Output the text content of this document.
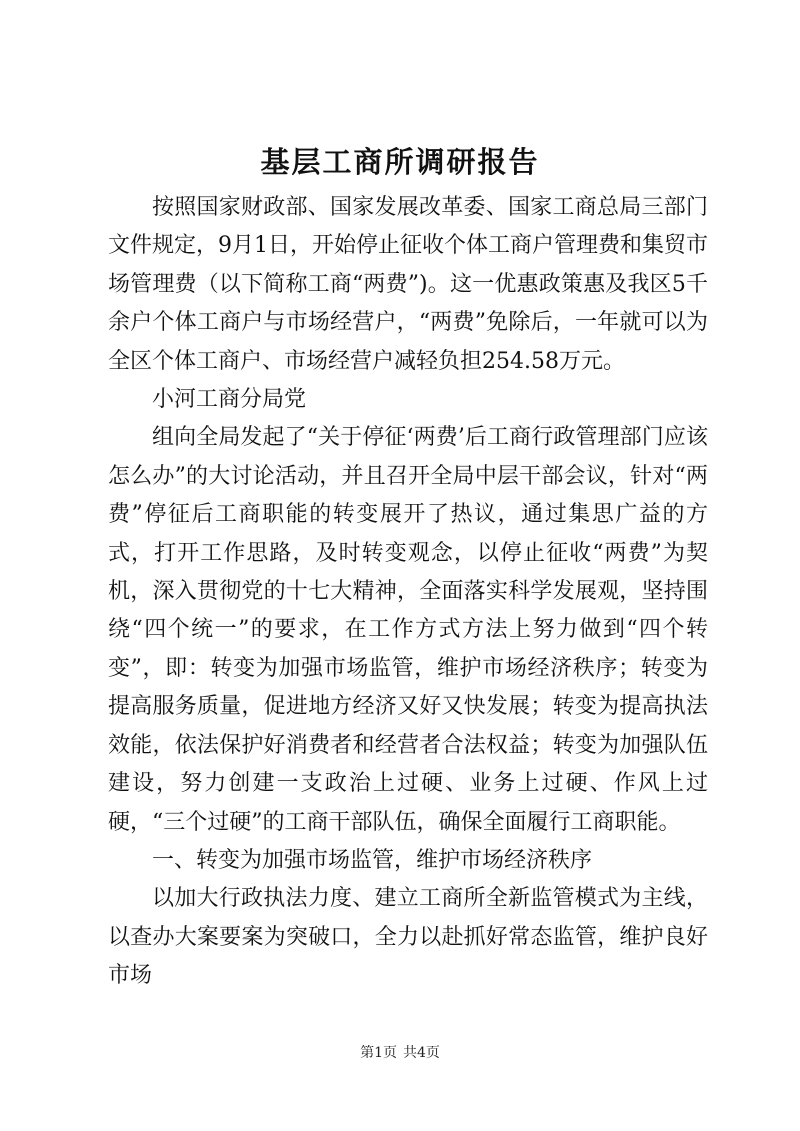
基层工商所调研报告

按照国家财政部、国家发展改革委、国家工商总局三部门文件规定，9月1日，开始停止征收个体工商户管理费和集贸市场管理费（以下简称工商“两费”)。这一优惠政策惠及我区5千余户个体工商户与市场经营户，“两费”免除后，一年就可以为全区个体工商户、市场经营户减轻负担254.58万元。

小河工商分局党

组向全局发起了“关于停征‘两费’后工商行政管理部门应该怎么办”的大讨论活动，并且召开全局中层干部会议，针对“两费”停征后工商职能的转变展开了热议，通过集思广益的方式，打开工作思路，及时转变观念，以停止征收“两费”为契机，深入贯彻党的十七大精神，全面落实科学发展观，坚持围绕“四个统一”的要求，在工作方式方法上努力做到“四个转变”，即：转变为加强市场监管，维护市场经济秩序；转变为提高服务质量，促进地方经济又好又快发展；转变为提高执法效能，依法保护好消费者和经营者合法权益；转变为加强队伍建设，努力创建一支政治上过硬、业务上过硬、作风上过硬，“三个过硬”的工商干部队伍，确保全面履行工商职能。

一、转变为加强市场监管，维护市场经济秩序

以加大行政执法力度、建立工商所全新监管模式为主线，以查办大案要案为突破口，全力以赴抓好常态监管，维护良好市场

第1页 共4页
